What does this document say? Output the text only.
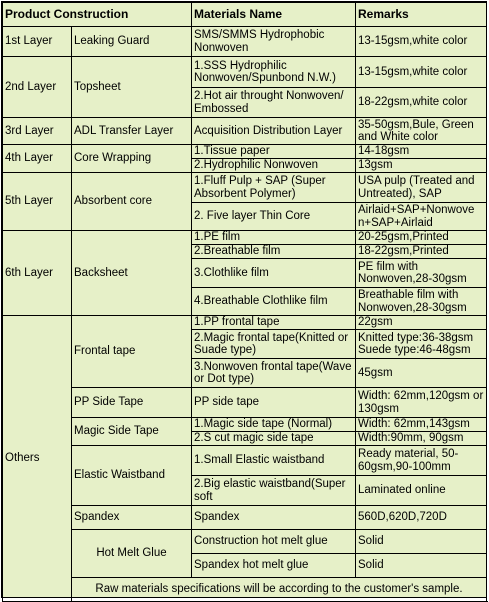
Product Construction		Materials Name	Remarks
1st Layer	Leaking Guard	SMS/SMMS Hydrophobic Nonwoven	13-15gsm,white color
2nd Layer	Topsheet	1.SSS Hydrophilic Nonwoven/Spunbond N.W.)	13-15gsm,white color
		2.Hot air throught Nonwoven/ Embossed	18-22gsm,white color
3rd Layer	ADL Transfer Layer	Acquisition Distribution Layer	35-50gsm,Bule, Green and White color
4th Layer	Core Wrapping	1.Tissue paper	14-18gsm
		2.Hydrophilic Nonwoven	13gsm
5th Layer	Absorbent core	1.Fluff Pulp + SAP (Super Absorbent Polymer)	USA pulp (Treated and Untreated), SAP
		2. Five layer Thin Core	Airlaid+SAP+Nonwove n+SAP+Airlaid
6th Layer	Backsheet	1.PE film	20-25gsm,Printed
		2.Breathable film	18-22gsm,Printed
		3.Clothlike film	PE film with Nonwoven,28-30gsm
		4.Breathable Clothlike film	Breathable film with Nonwoven,28-30gsm
Others	Frontal tape	1.PP frontal tape	22gsm
		2.Magic frontal tape(Knitted or Suade type)	Knitted type:36-38gsm Suede type:46-48gsm
		3.Nonwoven frontal tape(Wave or Dot type)	45gsm
	PP Side Tape	PP side tape	Width: 62mm,120gsm or 130gsm
	Magic Side Tape	1.Magic side tape (Normal)	Width: 62mm,143gsm
		2.S cut magic side tape	Width:90mm, 90gsm
	Elastic Waistband	1.Small Elastic waistband	Ready material, 50-60gsm,90-100mm
		2.Big elastic waistband(Super soft	Laminated online
	Spandex	Spandex	560D,620D,720D
	Hot Melt Glue	Construction hot melt glue	Solid
		Spandex hot melt glue	Solid
	Raw materials specifications will be according to the customer's sample.		
